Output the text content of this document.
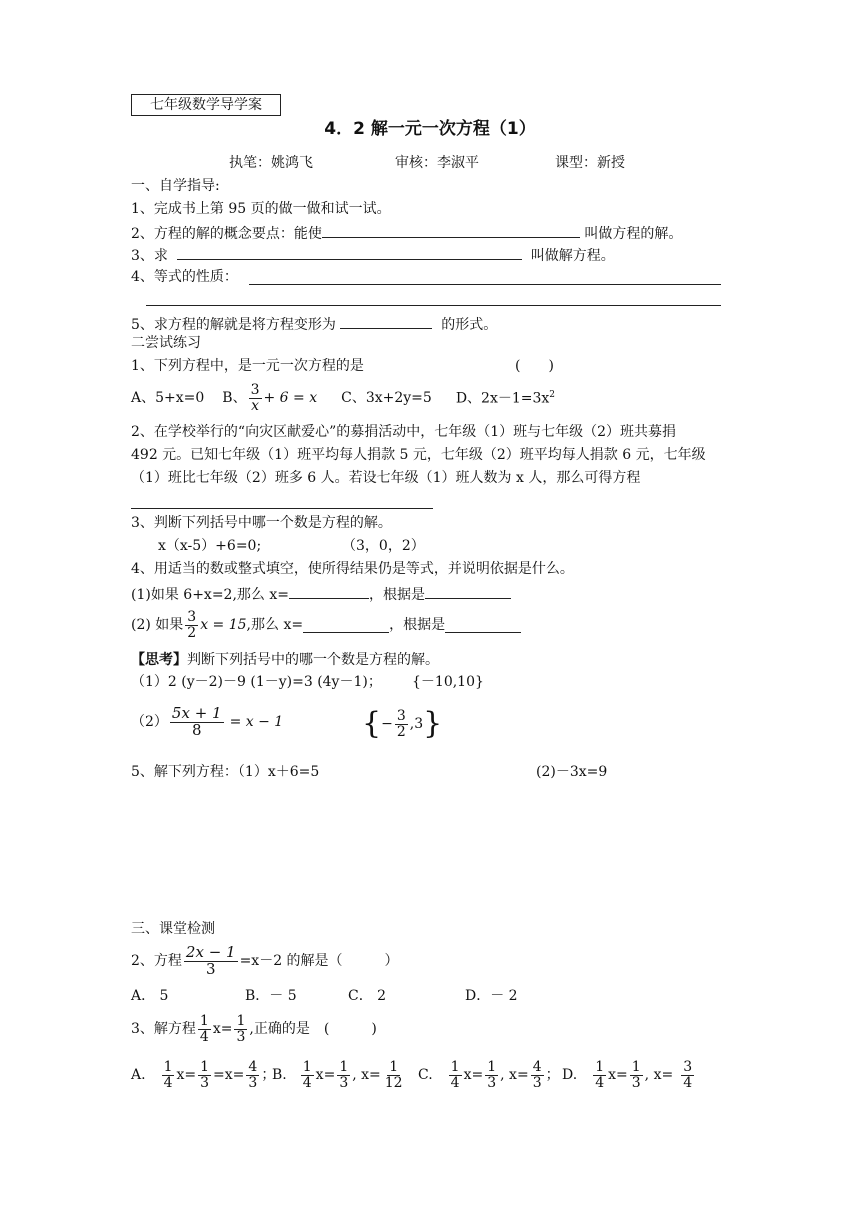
七年级数学导学案
4．2 解一元一次方程（1）
执笔：姚鸿飞	审核：李淑平	课型：新授
一、自学指导:
1、完成书上第 95 页的做一做和试一试。
2、方程的解的概念要点：能使	叫做方程的解。
3、求	叫做解方程。
4、等式的性质：
5、求方程的解就是将方程变形为	的形式。
二尝试练习
1、下列方程中，是一元一次方程的是	(　　)
A、5+x=0 B、 $\frac{3}{x} + 6 = x$ C、3x+2y=5 D、$2x-1=3x^2$
2、在学校举行的“向灾区献爱心”的募捐活动中，七年级（1）班与七年级（2）班共募捐
492 元。已知七年级（1）班平均每人捐款 5 元，七年级（2）班平均每人捐款 6 元，七年级
（1）班比七年级（2）班多 6 人。若设七年级（1）班人数为 x 人，那么可得方程
3、判断下列括号中哪一个数是方程的解。
x（x-5）+6=0;	（3，0，2）
4、用适当的数或整式填空，使所得结果仍是等式，并说明依据是什么。
(1)如果 6+x=2,那么 x=	，根据是
(2) 如果 $\frac{3}{2}$ x = 15 ,那么 x=	，根据是
【思考】判断下列括号中的哪一个数是方程的解。
（1）2 (y－2)－9 (1－y)=3 (4y－1)； {－10,10}
$(2) \frac{5x + 1}{8} = x - 1$	{ − $\frac{3}{2} ,3$ }
5、解下列方程：（1）x＋6=5	(2)－3x=9
三、课堂检测
2、方程 $\frac{2x - 1}{3} =x-2$ 的解是（　　　）
A． 5	B．－ 5	C． 2	D．－ 2
3、解方程 $\frac{1}{4} x= \frac{1}{3}$ ,正确的是　(　　　)
A. $\frac{1}{4} x= \frac{1}{3} =x= \frac{4}{3}$ ；
B. $\frac{1}{4} x= \frac{1}{3}$ , $x= \frac{1}{12} C$. $\frac{1}{4} x= \frac{1}{3}$ , $x= \frac{4}{3}$ ； D. $\frac{1}{4} x= \frac{1}{3}$ , $x= \frac{3}{4}$
